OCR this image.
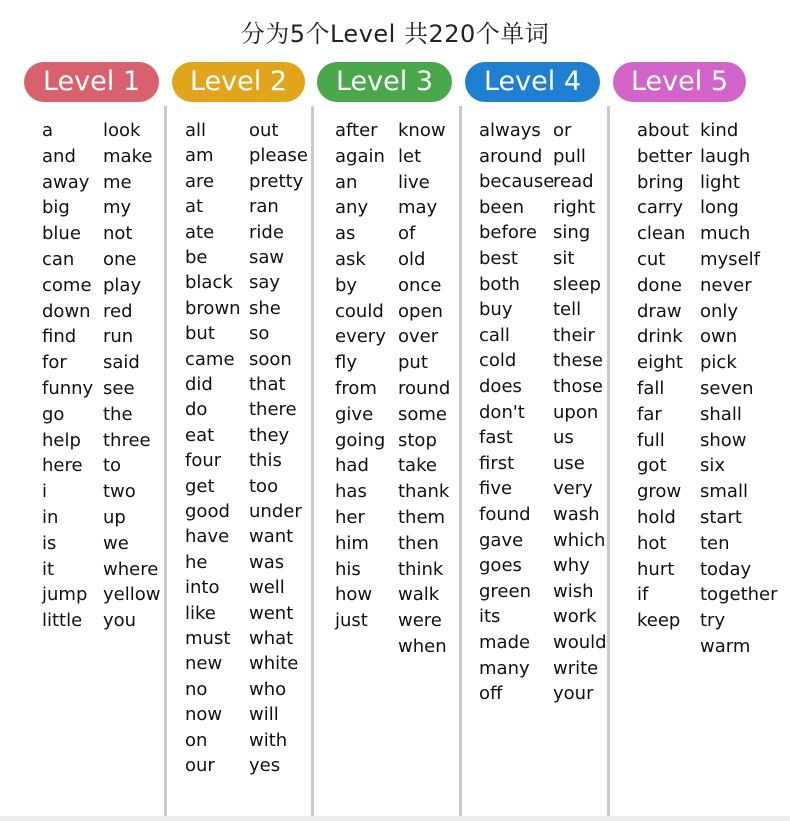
分为5个Level 共220个单词
Level 1	Level 2	Level 3	Level 4	Level 5
a
and
away
big
blue
can
come
down
find
for
funny
go
help
here
i
in
is
it
jump
little
look
make
me
my
not
one
play
red
run
said
see
the
three
to
two
up
we
where
yellow
you
all
am
are
at
ate
be
black
brown
but
came
did
do
eat
four
get
good
have
he
into
like
must
new
no
now
on
our
out
please
pretty
ran
ride
saw
say
she
so
soon
that
there
they
this
too
under
want
was
well
went
what
white
who
will
with
yes
after
again
an
any
as
ask
by
could
every
fly
from
give
going
had
has
her
him
his
how
just
know
let
live
may
of
old
once
open
over
put
round
some
stop
take
thank
them
then
think
walk
were
when
always
around
because
been
before
best
both
buy
call
cold
does
don't
fast
first
five
found
gave
goes
green
its
made
many
off
or
pull
read
right
sing
sit
sleep
tell
their
these
those
upon
us
use
very
wash
which
why
wish
work
would
write
your
about
better
bring
carry
clean
cut
done
draw
drink
eight
fall
far
full
got
grow
hold
hot
hurt
if
keep
kind
laugh
light
long
much
myself
never
only
own
pick
seven
shall
show
six
small
start
ten
today
together
try
warm
